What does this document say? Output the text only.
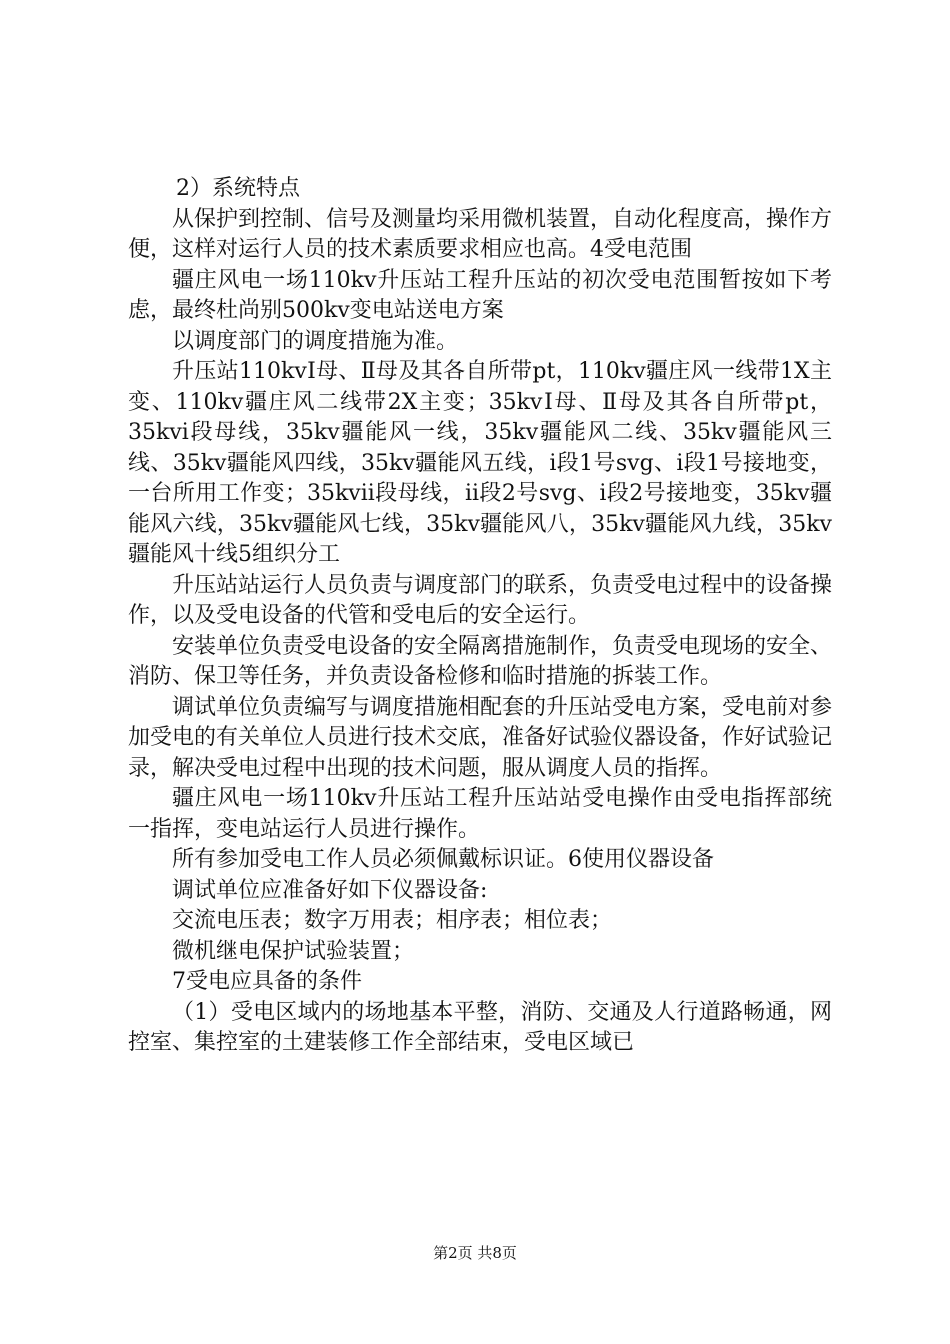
2）系统特点

从保护到控制、信号及测量均采用微机装置，自动化程度高，操作方便，这样对运行人员的技术素质要求相应也高。4受电范围

疆庄风电一场110kv升压站工程升压站的初次受电范围暂按如下考虑，最终杜尚别500kv变电站送电方案

以调度部门的调度措施为准。

升压站110kvⅠ母、Ⅱ母及其各自所带pt，110kv疆庄风一线带1X主变、110kv疆庄风二线带2X主变；35kvⅠ母、Ⅱ母及其各自所带pt，35kvi段母线，35kv疆能风一线，35kv疆能风二线、35kv疆能风三线、35kv疆能风四线，35kv疆能风五线，i段1号svg、i段1号接地变，一台所用工作变；35kvii段母线，ii段2号svg、i段2号接地变，35kv疆能风六线，35kv疆能风七线，35kv疆能风八，35kv疆能风九线，35kv疆能风十线5组织分工

升压站站运行人员负责与调度部门的联系，负责受电过程中的设备操作，以及受电设备的代管和受电后的安全运行。

安装单位负责受电设备的安全隔离措施制作，负责受电现场的安全、消防、保卫等任务，并负责设备检修和临时措施的拆装工作。

调试单位负责编写与调度措施相配套的升压站受电方案，受电前对参加受电的有关单位人员进行技术交底，准备好试验仪器设备，作好试验记录，解决受电过程中出现的技术问题，服从调度人员的指挥。

疆庄风电一场110kv升压站工程升压站站受电操作由受电指挥部统一指挥，变电站运行人员进行操作。

所有参加受电工作人员必须佩戴标识证。6使用仪器设备

调试单位应准备好如下仪器设备:

交流电压表；数字万用表；相序表；相位表；

微机继电保护试验装置；

7受电应具备的条件

（1）受电区域内的场地基本平整，消防、交通及人行道路畅通，网控室、集控室的土建装修工作全部结束，受电区域已

第2页 共8页
